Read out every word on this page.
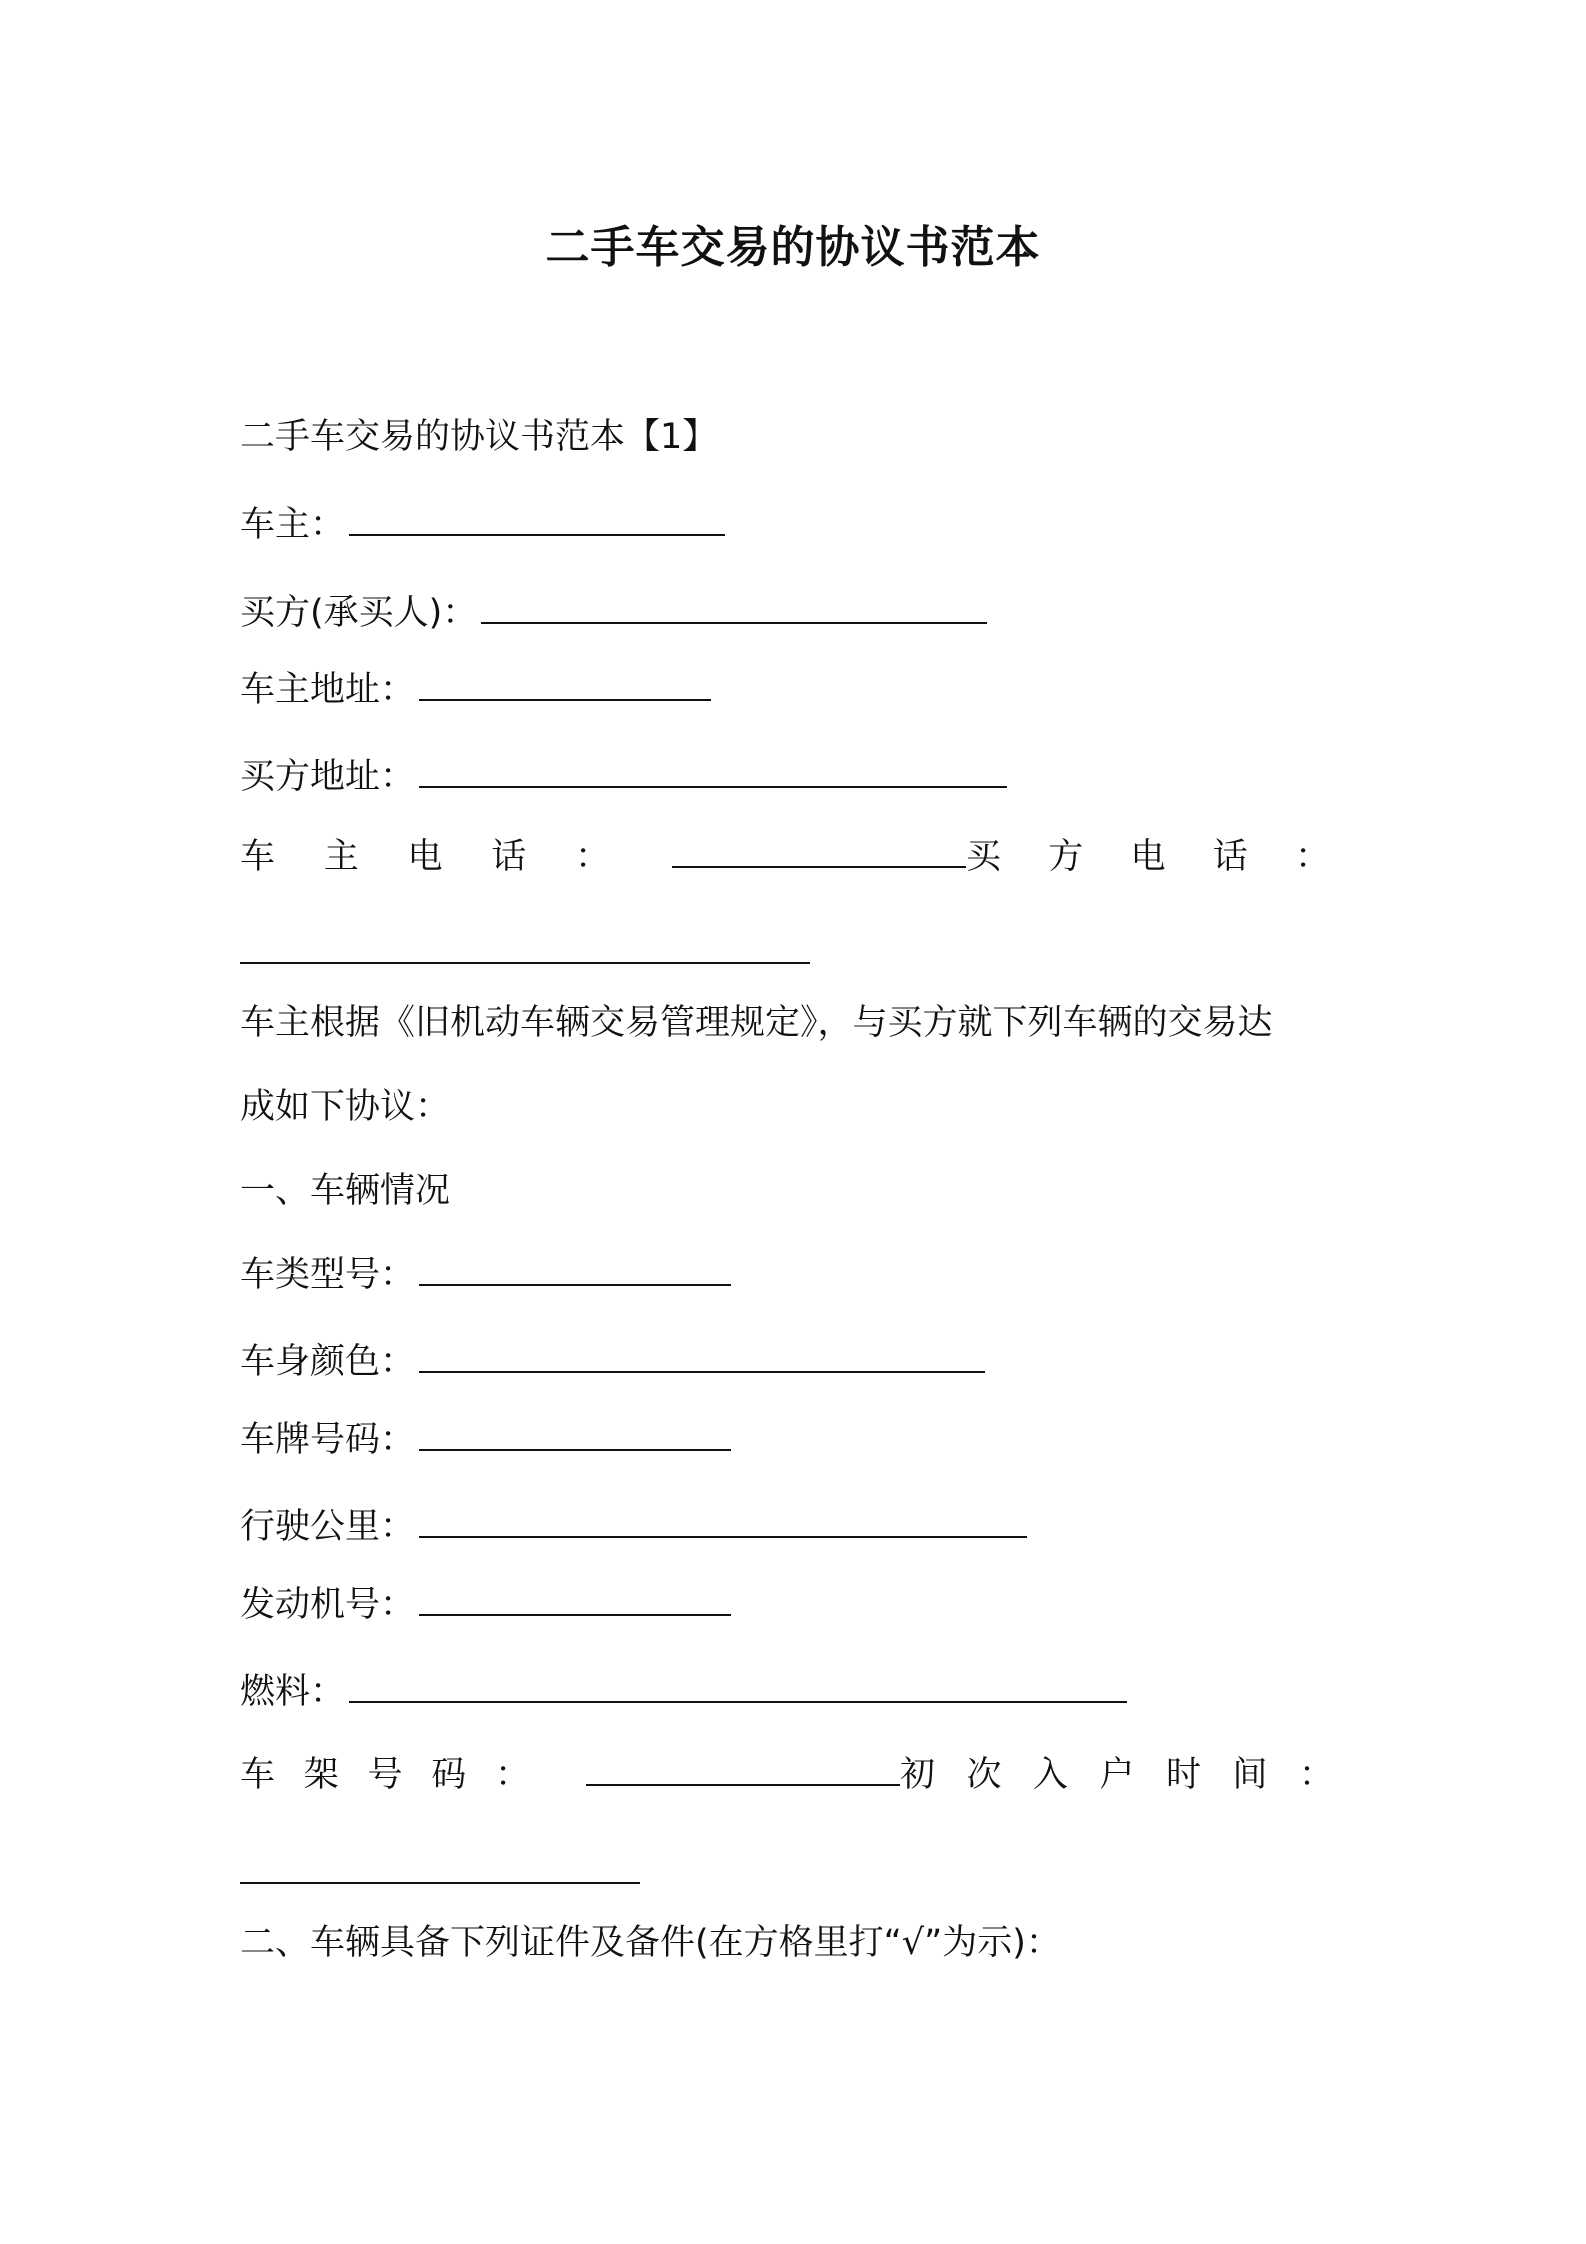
二手车交易的协议书范本
二手车交易的协议书范本【1】
车主：
买方(承买人)：
车主地址：
买方地址：
车 主 电 话 ：	买 方 电 话 ：
车主根据《旧机动车辆交易管理规定》，与买方就下列车辆的交易达
成如下协议：
一、车辆情况
车类型号：
车身颜色：
车牌号码：
行驶公里：
发动机号：
燃料：
车 架 号 码 ：	初 次 入 户 时 间 ：
二、车辆具备下列证件及备件(在方格里打“√”为示)：
